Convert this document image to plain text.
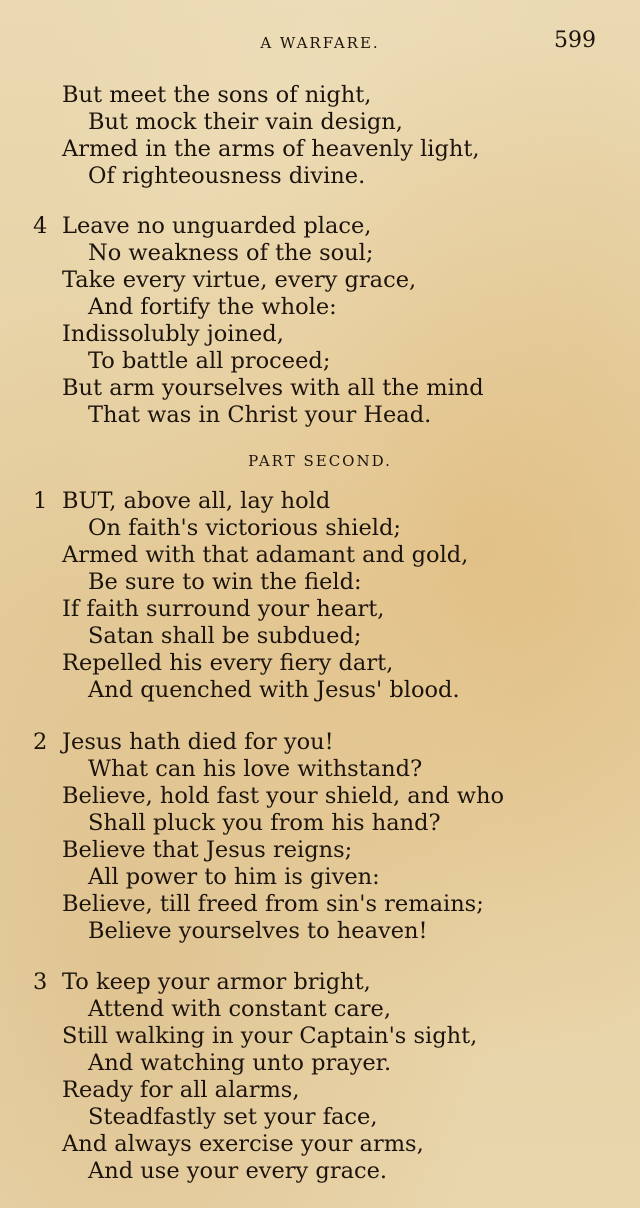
A WARFARE.	599
But meet the sons of night,
But mock their vain design,
Armed in the arms of heavenly light,
Of righteousness divine.
4 Leave no unguarded place,
No weakness of the soul;
Take every virtue, every grace,
And fortify the whole:
Indissolubly joined,
To battle all proceed;
But arm yourselves with all the mind
That was in Christ your Head.
PART SECOND.
1 BUT, above all, lay hold
On faith's victorious shield;
Armed with that adamant and gold,
Be sure to win the field:
If faith surround your heart,
Satan shall be subdued;
Repelled his every fiery dart,
And quenched with Jesus' blood.
2 Jesus hath died for you!
What can his love withstand?
Believe, hold fast your shield, and who
Shall pluck you from his hand?
Believe that Jesus reigns;
All power to him is given:
Believe, till freed from sin's remains;
Believe yourselves to heaven!
3 To keep your armor bright,
Attend with constant care,
Still walking in your Captain's sight,
And watching unto prayer.
Ready for all alarms,
Steadfastly set your face,
And always exercise your arms,
And use your every grace.
